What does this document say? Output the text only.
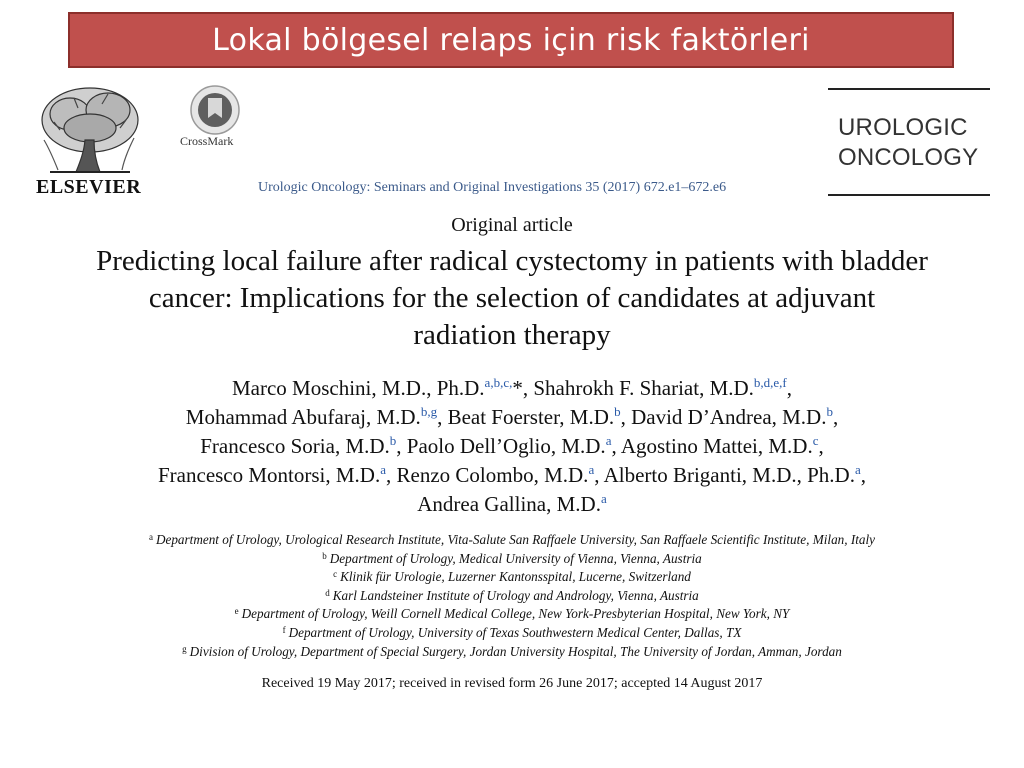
Lokal bölgesel relaps için risk faktörleri
ELSEVIER
CrossMark	UROLOGIC
ONCOLOGY
Urologic Oncology: Seminars and Original Investigations 35 (2017) 672.e1–672.e6
Original article
Predicting local failure after radical cystectomy in patients with bladder
cancer: Implications for the selection of candidates at adjuvant
radiation therapy
Marco Moschini, M.D., Ph.D.$^{a,b,c,}$*, Shahrokh F. Shariat, M.D.$^{b,d,e,f}$,
Mohammad Abufaraj, M.D.$^{b,g}$, Beat Foerster, M.D.$^b$, David D’Andrea, M.D.$^b$,
Francesco Soria, M.D.$^b$, Paolo Dell’Oglio, M.D.$^a$, Agostino Mattei, M.D.$^c$,
Francesco Montorsi, M.D.$^a$, Renzo Colombo, M.D.$^a$, Alberto Briganti, M.D., Ph.D.$^a$,
Andrea Gallina, M.D.$^a$
$^a$ Department of Urology, Urological Research Institute, Vita-Salute San Raffaele University, San Raffaele Scientific Institute, Milan, Italy
$^b$ Department of Urology, Medical University of Vienna, Vienna, Austria
$^c$ Klinik für Urologie, Luzerner Kantonsspital, Lucerne, Switzerland
$^d$ Karl Landsteiner Institute of Urology and Andrology, Vienna, Austria
$^e$ Department of Urology, Weill Cornell Medical College, New York-Presbyterian Hospital, New York, NY
$^f$ Department of Urology, University of Texas Southwestern Medical Center, Dallas, TX
$^g$ Division of Urology, Department of Special Surgery, Jordan University Hospital, The University of Jordan, Amman, Jordan
Received 19 May 2017; received in revised form 26 June 2017; accepted 14 August 2017
